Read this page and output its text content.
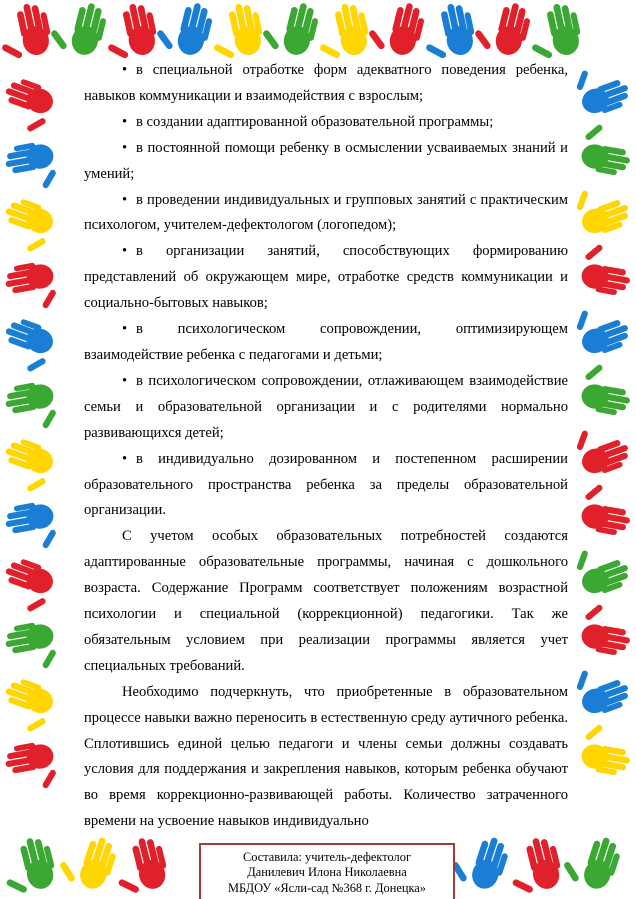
• в специальной отработке форм адекватного поведения ребенка, навыков коммуникации и взаимодействия с взрослым;

• в создании адаптированной образовательной программы;

• в постоянной помощи ребенку в осмыслении усваиваемых знаний и умений;

• в проведении индивидуальных и групповых занятий с практическим психологом, учителем-дефектологом (логопедом);

• в организации занятий, способствующих формированию представлений об окружающем мире, отработке средств коммуникации и социально-бытовых навыков;

• в психологическом сопровождении, оптимизирующем взаимодействие ребенка с педагогами и детьми;

• в психологическом сопровождении, отлаживающем взаимодействие семьи и образовательной организации и с родителями нормально развивающихся детей;

• в индивидуально дозированном и постепенном расширении образовательного пространства ребенка за пределы образовательной организации.

С учетом особых образовательных потребностей создаются адаптированные образовательные программы, начиная с дошкольного возраста. Содержание Программ соответствует положениям возрастной психологии и специальной (коррекционной) педагогики. Так же обязательным условием при реализации программы является учет специальных требований.

Необходимо подчеркнуть, что приобретенные в образовательном процессе навыки важно переносить в естественную среду аутичного ребенка. Сплотившись единой целью педагоги и члены семьи должны создавать условия для поддержания и закрепления навыков, которым ребенка обучают во время коррекционно-развивающей работы. Количество затраченного времени на усвоение навыков индивидуально

Составила: учитель-дефектолог
Данилевич Илона Николаевна
МБДОУ «Ясли-сад №368 г. Донецка»
